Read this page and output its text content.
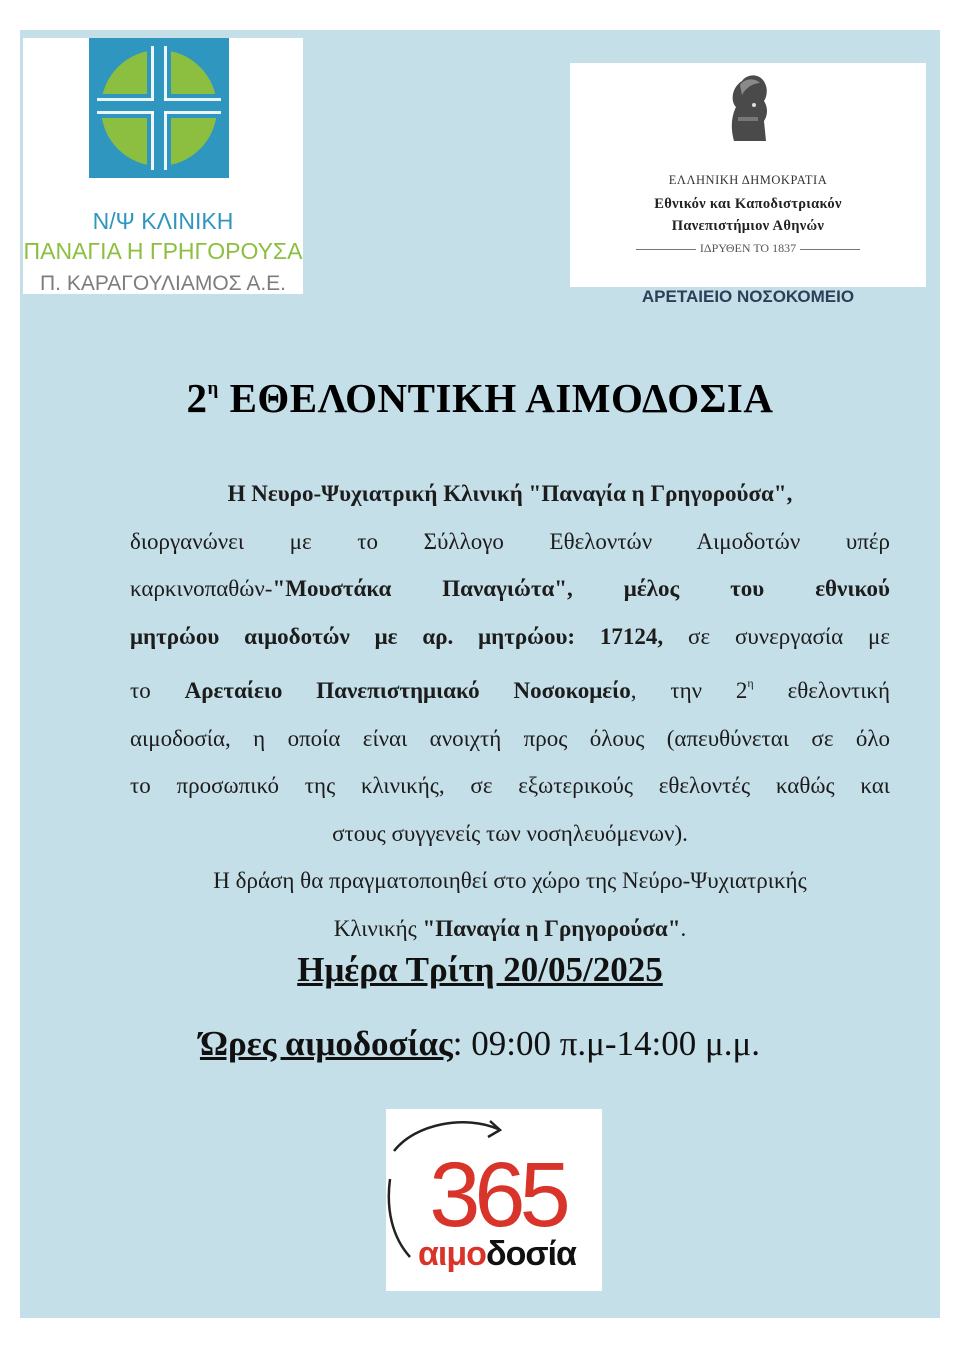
Ν/Ψ ΚΛΙΝΙΚΗ
ΠΑΝΑΓΙΑ Η ΓΡΗΓΟΡΟΥΣΑ
Π. ΚΑΡΑΓΟΥΛΙΑΜΟΣ Α.Ε.
ΕΛΛΗΝΙΚΗ ΔΗΜΟΚΡΑΤΙΑ
Εθνικόν και Καποδιστριακόν
Πανεπιστήμιον Αθηνών
ΙΔΡΥΘΕΝ ΤΟ 1837
ΑΡΕΤΑΙΕΙΟ ΝΟΣΟΚΟΜΕΙΟ
$2^\eta$ ΕΘΕΛΟΝΤΙΚΗ ΑΙΜΟΔΟΣΙΑ
Η Νευρο-Ψυχιατρική Κλινική "Παναγία η Γρηγορούσα",
διοργανώνει με το Σύλλογο Εθελοντών Αιμοδοτών υπέρ
καρκινοπαθών-"Μουστάκα Παναγιώτα", μέλος του εθνικού
μητρώου αιμοδοτών με αρ. μητρώου: 17124, σε συνεργασία με
το Αρεταίειο Πανεπιστημιακό Νοσοκομείο, την $2^\eta$ εθελοντική
αιμοδοσία, η οποία είναι ανοιχτή προς όλους (απευθύνεται σε όλο
το προσωπικό της κλινικής, σε εξωτερικούς εθελοντές καθώς και
στους συγγενείς των νοσηλευόμενων).
Η δράση θα πραγματοποιηθεί στο χώρο της Νεύρο-Ψυχιατρικής
Κλινικής "Παναγία η Γρηγορούσα".
Ημέρα Τρίτη 20/05/2025
Ώρες αιμοδοσίας: 09:00 π.μ-14:00 μ.μ.
365
αιμοδοσία
